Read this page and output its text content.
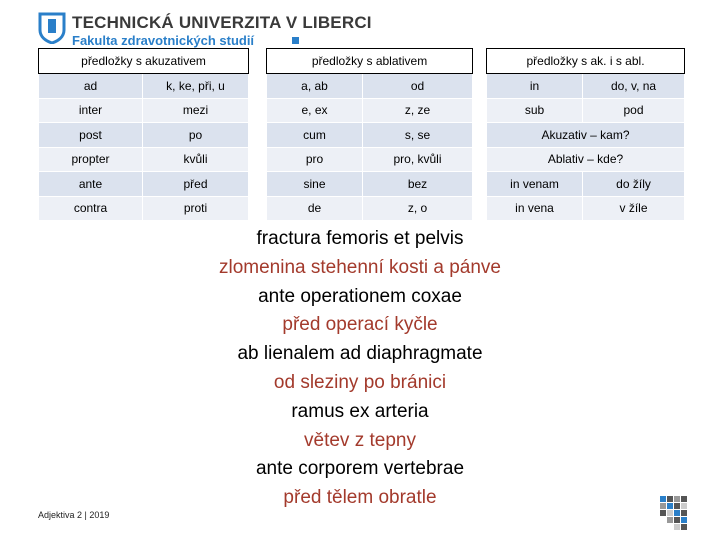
TECHNICKÁ UNIVERZITA V LIBERCI
Fakulta zdravotnických studií
předložky s akuzativem			předložky s ablativem			předložky s ak. i s abl.	
ad	k, ke, při, u		a, ab	od		in	do, v, na
inter	mezi		e, ex	z, ze		sub	pod
post	po		cum	s, se		Akuzativ – kam?	
propter	kvůli		pro	pro, kvůli		Ablativ – kde?	
ante	před		sine	bez		in venam	do žíly
contra	proti		de	z, o		in vena	v žíle
fractura femoris et pelvis
zlomenina stehenní kosti a pánve
ante operationem coxae
před operací kyčle
ab lienalem ad diaphragmate
od sleziny po bránici
ramus ex arteria
větev z tepny
ante corporem vertebrae
před tělem obratle
Adjektiva 2 | 2019
